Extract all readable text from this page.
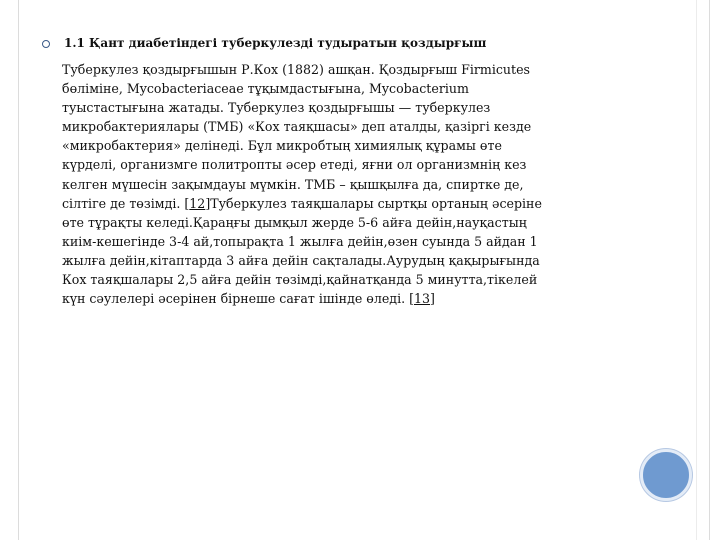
1.1 Қант диабетіндегі туберкулезді тудыратын қоздырғыш
Туберкулез қоздырғышын Р.Кох (1882) ашқан. Қоздырғыш Firmicutes
бөліміне, Mycobacteriaceae тұқымдастығына, Mycobacterium
туыстастығына жатады. Туберкулез қоздырғышы — туберкулез
микробактериялары (ТМБ) «Кох таяқшасы» деп аталды, қазіргі кезде
«микробактерия» делінеді. Бұл микробтың химиялық құрамы өте
күрделі, организмге политропты әсер етеді, яғни ол организмнің кез
келген мүшесін зақымдауы мүмкін. ТМБ – қышқылға да, спиртке де,
сілтіге де төзімді. [12]Туберкулез таяқшалары сыртқы ортаның әсеріне
өте тұрақты келеді.Қараңғы дымқыл жерде 5-6 айға дейін,науқастың
киім-кешегінде 3-4 ай,топырақта 1 жылға дейін,өзен суында 5 айдан 1
жылға дейін,кітаптарда 3 айға дейін сақталады.Аурудың қақырығында
Кох таяқшалары 2,5 айға дейін төзімді,қайнатқанда 5 минутта,тікелей
күн сәулелері әсерінен бірнеше сағат ішінде өледі. [13]
